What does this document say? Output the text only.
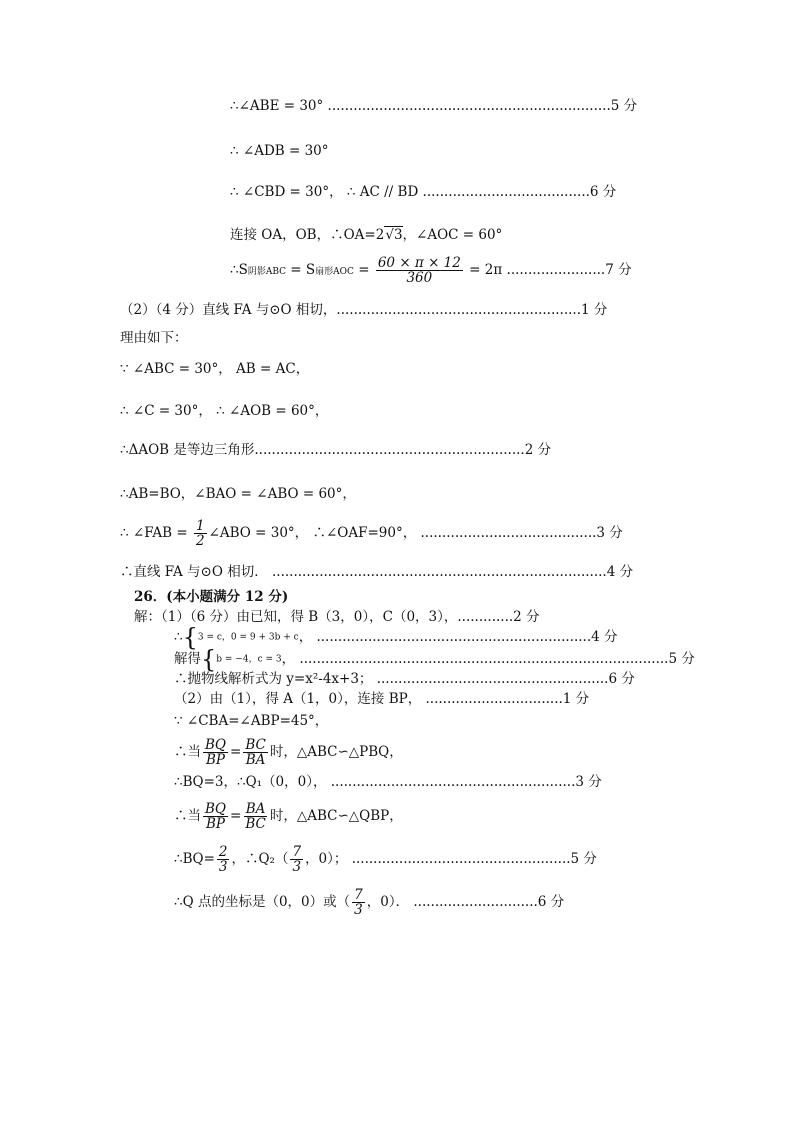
∴∠ABE = 30° ..................................................................5 分
∴ ∠ADB = 30°
∴ ∠CBD = 30°， ∴ AC // BD .......................................6 分
连接 OA，OB，∴OA=2√3，∠AOC = 60°
∴S阴影ABC = S扇形AOC = $\frac{60 \times \pi \times 12}{360} = 2\pi$ .......................7 分
（2）（4 分）直线 FA 与⊙O 相切，.........................................................1 分
理由如下：
∵ ∠ABC = 30°， AB = AC，
∴ ∠C = 30°， ∴ ∠AOB = 60°，
∴ΔAOB 是等边三角形...............................................................2 分
∴AB=BO，∠BAO = ∠ABO = 60°，
∴ ∠FAB = $\frac{1}{2}$ ∠ABO = 30°， ∴∠OAF=90°， .........................................3 分
∴直线 FA 与⊙O 相切． ..............................................................................4 分
26．(本小题满分 12 分)
解：（1）（6 分）由已知，得 B（3，0），C（0，3），.............2 分
∴{3 = c，0 = 9 + 3b + c， ................................................................4 分
解得{b = −4，c = 3， ......................................................................................5 分
∴抛物线解析式为 y=x²-4x+3； ......................................................6 分
（2）由（1），得 A（1，0），连接 BP， ................................1 分
∵ ∠CBA=∠ABP=45°，
∴当 $\frac{BQ}{BP} = \frac{BC}{BA}$ 时，△ABC∽△PBQ，
∴BQ=3，∴Q₁（0，0）， .........................................................3 分
∴当 $\frac{BQ}{BP} = \frac{BA}{BC}$ 时，△ABC∽△QBP，
∴BQ= $\frac{2}{3}$ ，∴Q₂（ $\frac{7}{3}$ ，0）； ...................................................5 分
∴Q 点的坐标是（0，0）或（ $\frac{7}{3}$ ，0）． .............................6 分
